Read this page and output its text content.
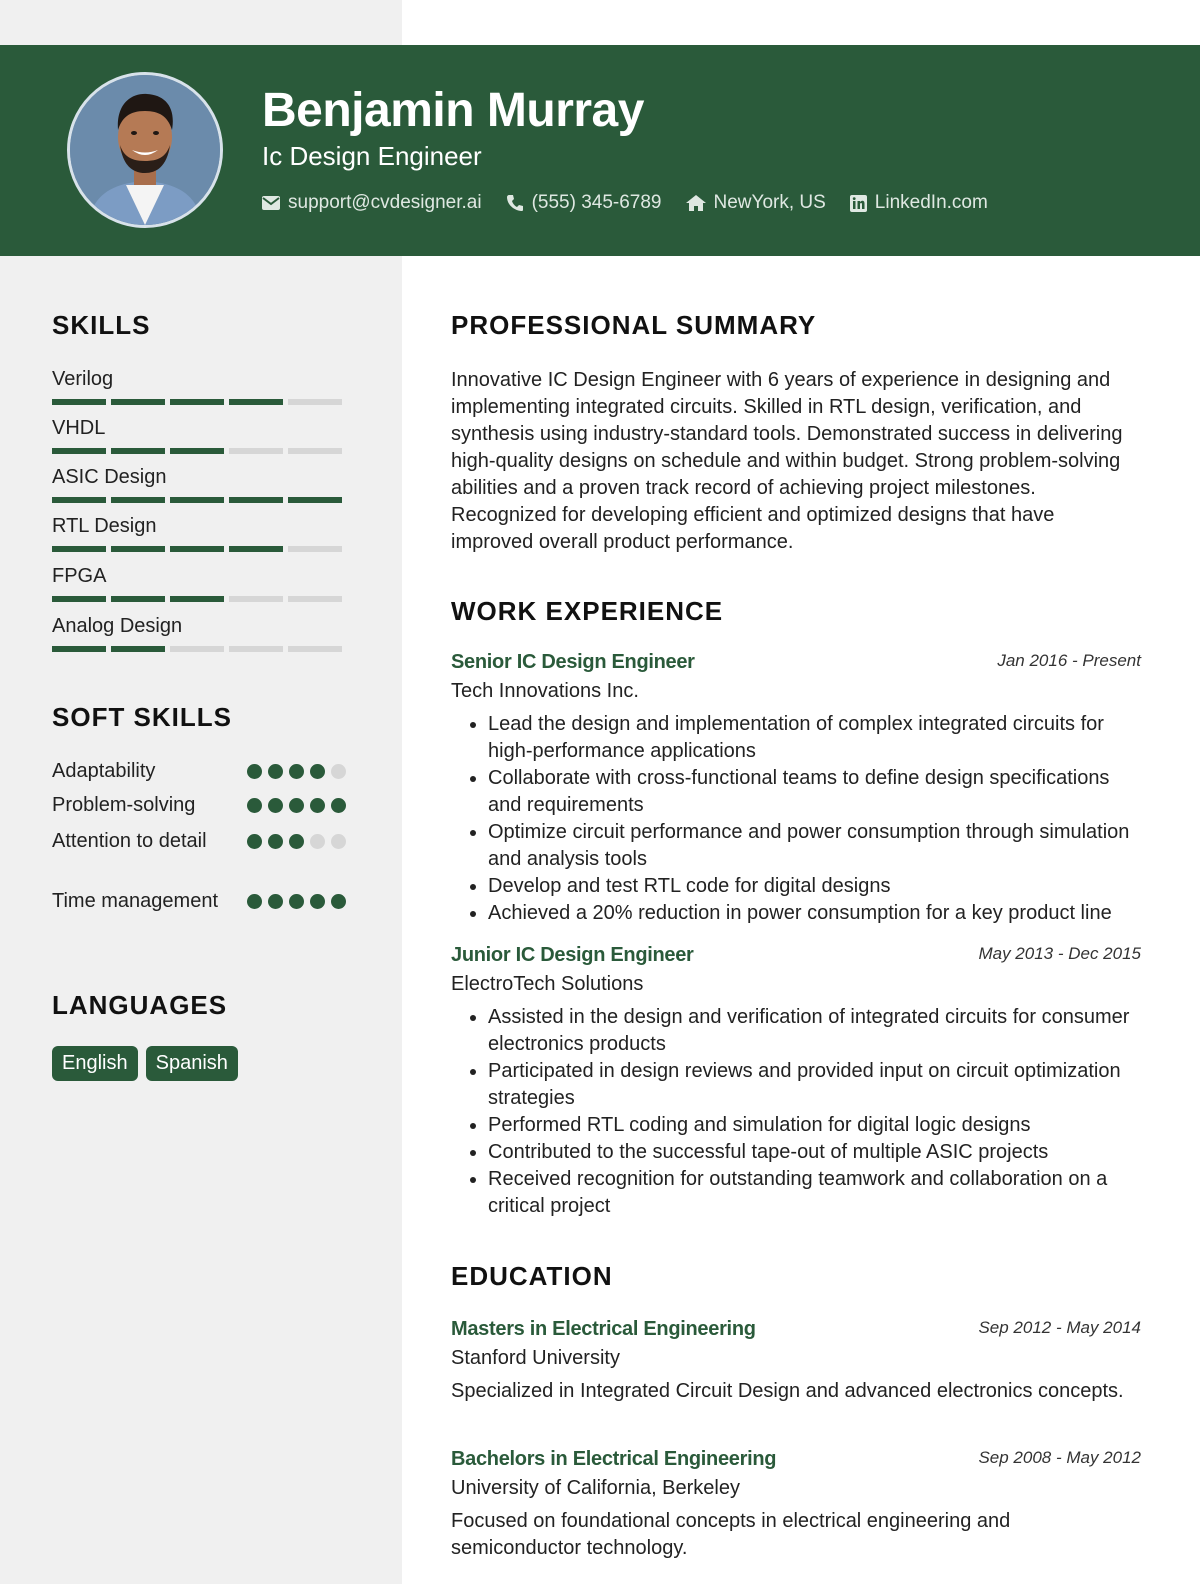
Benjamin Murray
Ic Design Engineer
support@cvdesigner.ai	(555) 345-6789	NewYork, US	LinkedIn.com
SKILLS
Verilog
VHDL
ASIC Design
RTL Design
FPGA
Analog Design
SOFT SKILLS
Adaptability
Problem-solving
Attention to detail
Time management
LANGUAGES
English	Spanish
PROFESSIONAL SUMMARY

Innovative IC Design Engineer with 6 years of experience in designing and implementing integrated circuits. Skilled in RTL design, verification, and synthesis using industry-standard tools. Demonstrated success in delivering high-quality designs on schedule and within budget. Strong problem-solving abilities and a proven track record of achieving project milestones. Recognized for developing efficient and optimized designs that have improved overall product performance.

WORK EXPERIENCE
Senior IC Design Engineer	Jan 2016 - Present
Tech Innovations Inc.
• Lead the design and implementation of complex integrated circuits for high-performance applications
• Collaborate with cross-functional teams to define design specifications and requirements
• Optimize circuit performance and power consumption through simulation and analysis tools
• Develop and test RTL code for digital designs
• Achieved a 20% reduction in power consumption for a key product line
Junior IC Design Engineer	May 2013 - Dec 2015
ElectroTech Solutions
• Assisted in the design and verification of integrated circuits for consumer electronics products
• Participated in design reviews and provided input on circuit optimization strategies
• Performed RTL coding and simulation for digital logic designs
• Contributed to the successful tape-out of multiple ASIC projects
• Received recognition for outstanding teamwork and collaboration on a critical project
EDUCATION
Masters in Electrical Engineering	Sep 2012 - May 2014
Stanford University

Specialized in Integrated Circuit Design and advanced electronics concepts.

Bachelors in Electrical Engineering	Sep 2008 - May 2012
University of California, Berkeley

Focused on foundational concepts in electrical engineering and semiconductor technology.
